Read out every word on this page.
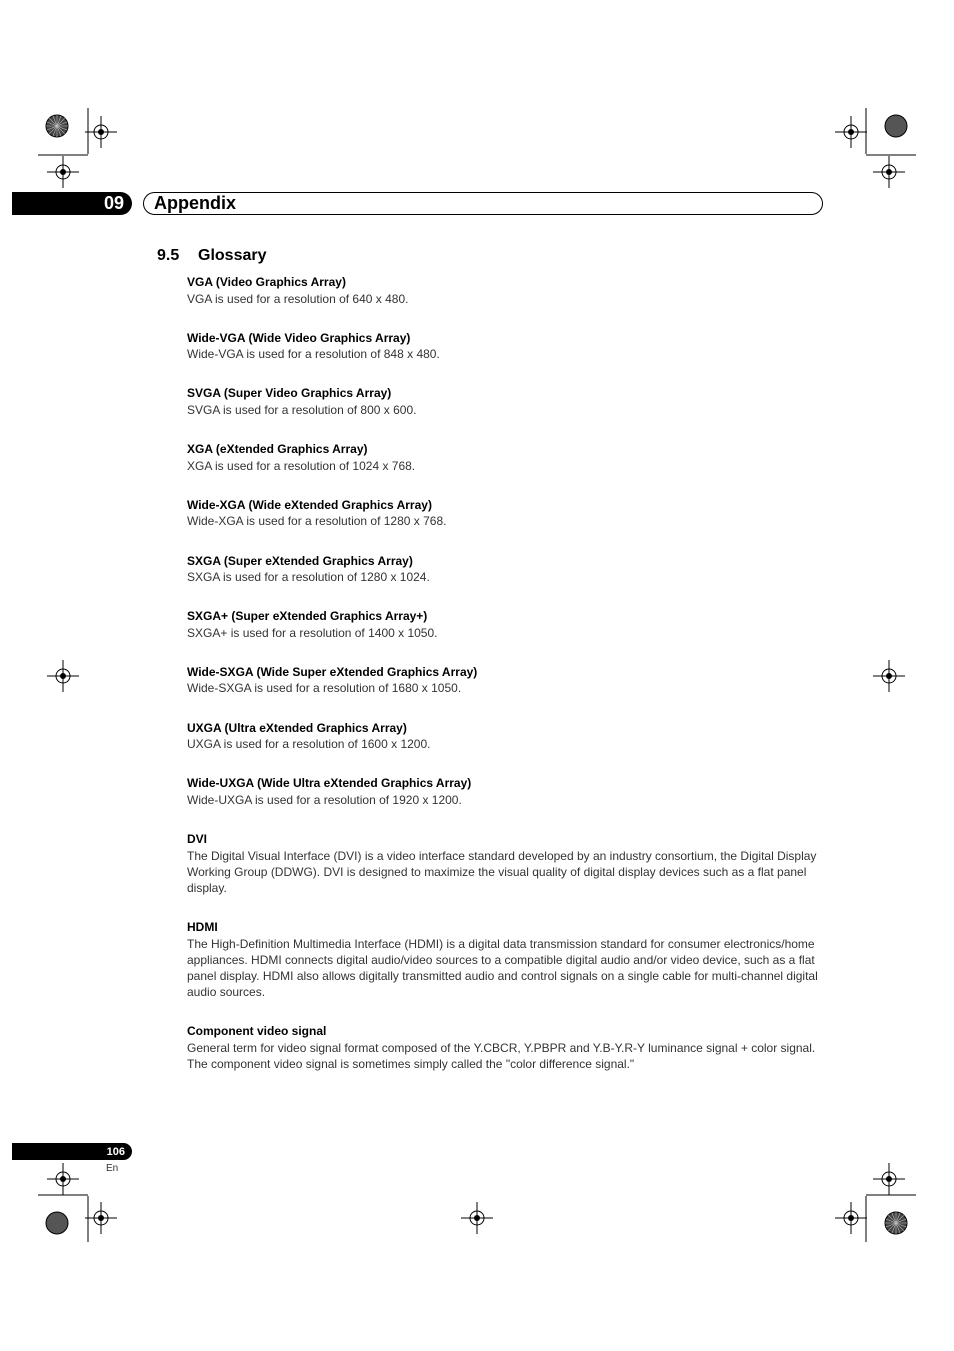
09	Appendix
9.5 Glossary
VGA (Video Graphics Array)
VGA is used for a resolution of 640 x 480.
Wide-VGA (Wide Video Graphics Array)
Wide-VGA is used for a resolution of 848 x 480.
SVGA (Super Video Graphics Array)
SVGA is used for a resolution of 800 x 600.
XGA (eXtended Graphics Array)
XGA is used for a resolution of 1024 x 768.
Wide-XGA (Wide eXtended Graphics Array)
Wide-XGA is used for a resolution of 1280 x 768.
SXGA (Super eXtended Graphics Array)
SXGA is used for a resolution of 1280 x 1024.
SXGA+ (Super eXtended Graphics Array+)
SXGA+ is used for a resolution of 1400 x 1050.
Wide-SXGA (Wide Super eXtended Graphics Array)
Wide-SXGA is used for a resolution of 1680 x 1050.
UXGA (Ultra eXtended Graphics Array)
UXGA is used for a resolution of 1600 x 1200.
Wide-UXGA (Wide Ultra eXtended Graphics Array)
Wide-UXGA is used for a resolution of 1920 x 1200.
DVI
The Digital Visual Interface (DVI) is a video interface standard developed by an industry consortium, the Digital Display Working Group (DDWG). DVI is designed to maximize the visual quality of digital display devices such as a flat panel display.
HDMI
The High-Definition Multimedia Interface (HDMI) is a digital data transmission standard for consumer electronics/home appliances. HDMI connects digital audio/video sources to a compatible digital audio and/or video device, such as a flat panel display. HDMI also allows digitally transmitted audio and control signals on a single cable for multi-channel digital audio sources.
Component video signal
General term for video signal format composed of the Y.CBCR, Y.PBPR and Y.B-Y.R-Y luminance signal + color signal. The component video signal is sometimes simply called the "color difference signal."
106
En
